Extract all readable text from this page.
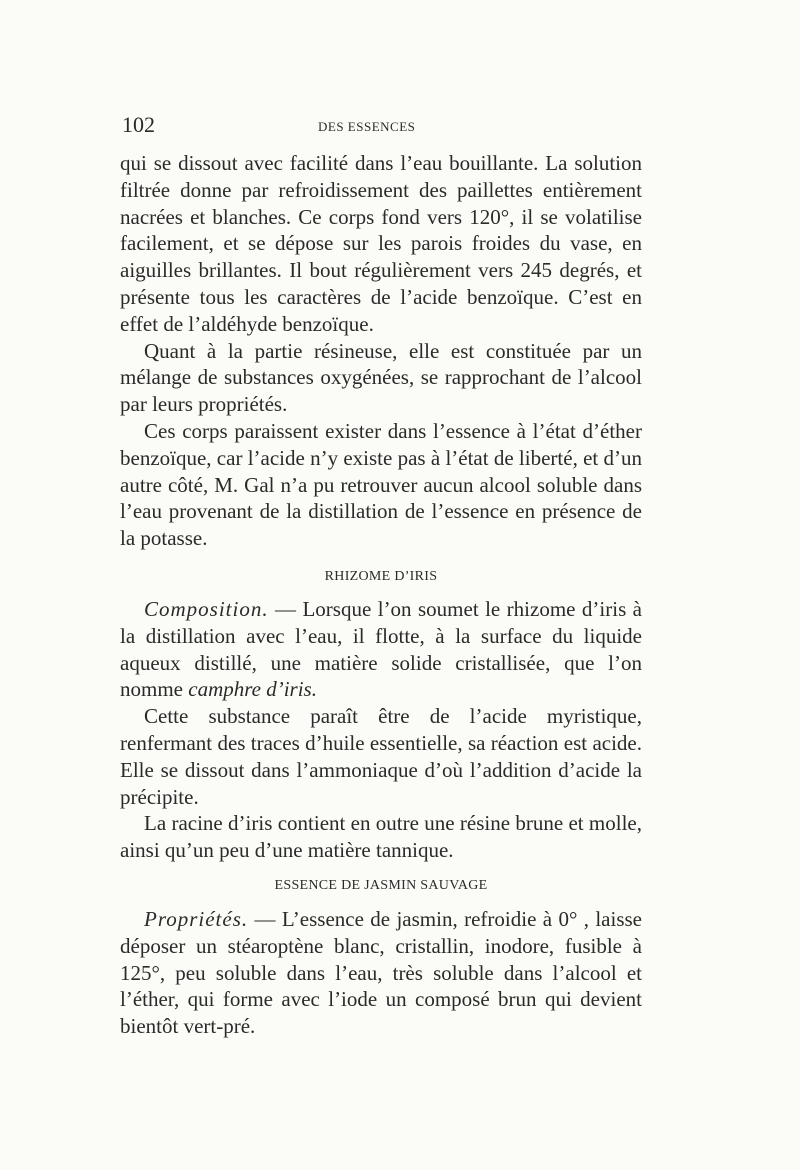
102	DES ESSENCES

qui se dissout avec facilité dans l’eau bouillante. La solution filtrée donne par refroidissement des paillettes entièrement nacrées et blanches. Ce corps fond vers 120°, il se volatilise facilement, et se dépose sur les parois froides du vase, en aiguilles brillantes. Il bout régulièrement vers 245 degrés, et présente tous les caractères de l’acide benzoïque. C’est en effet de l’aldéhyde benzoïque.

Quant à la partie résineuse, elle est constituée par un mélange de substances oxygénées, se rapprochant de l’alcool par leurs propriétés.

Ces corps paraissent exister dans l’essence à l’état d’éther benzoïque, car l’acide n’y existe pas à l’état de liberté, et d’un autre côté, M. Gal n’a pu retrouver aucun alcool soluble dans l’eau provenant de la distillation de l’essence en présence de la potasse.

RHIZOME D’IRIS

Composition. — Lorsque l’on soumet le rhizome d’iris à la distillation avec l’eau, il flotte, à la surface du liquide aqueux distillé, une matière solide cristallisée, que l’on nomme camphre d’iris.

Cette substance paraît être de l’acide myristique, renfermant des traces d’huile essentielle, sa réaction est acide. Elle se dissout dans l’ammoniaque d’où l’addition d’acide la précipite.

La racine d’iris contient en outre une résine brune et molle, ainsi qu’un peu d’une matière tannique.

ESSENCE DE JASMIN SAUVAGE

Propriétés. — L’essence de jasmin, refroidie à 0° , laisse déposer un stéaroptène blanc, cristallin, inodore, fusible à 125°, peu soluble dans l’eau, très soluble dans l’alcool et l’éther, qui forme avec l’iode un composé brun qui devient bientôt vert-pré.
